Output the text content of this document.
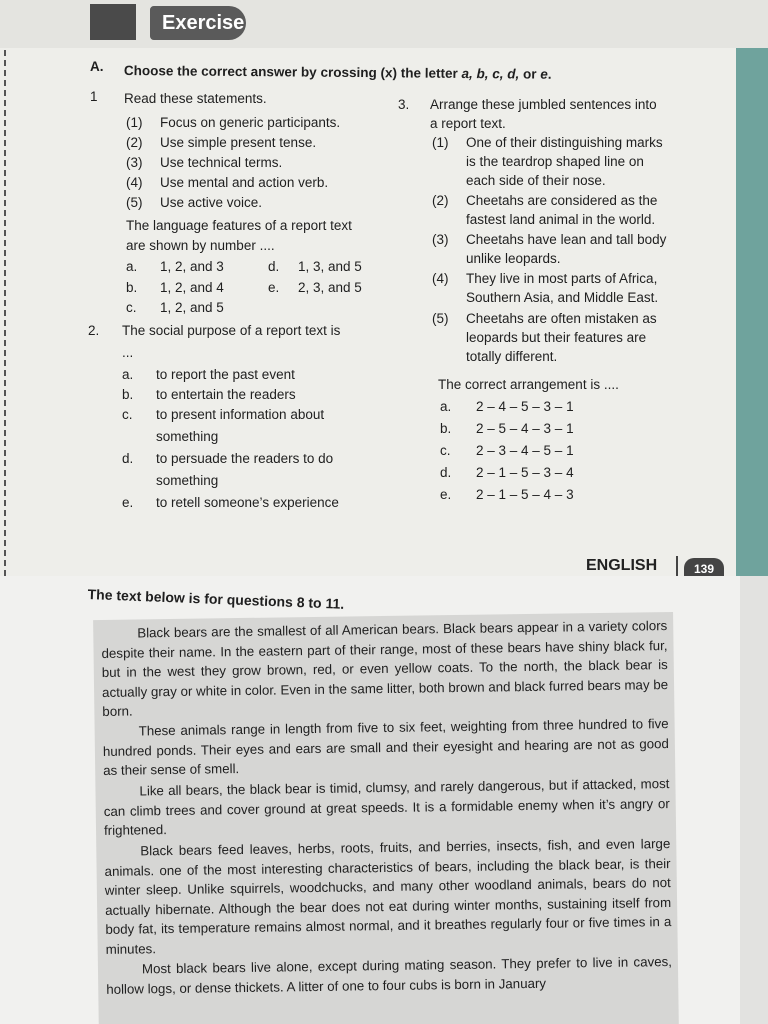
Exercise
A. Choose the correct answer by crossing (x) the letter a, b, c, d, or e.
1 Read these statements.
(1) Focus on generic participants.
(2) Use simple present tense.
(3) Use technical terms.
(4) Use mental and action verb.
(5) Use active voice.
The language features of a report text
are shown by number ....
a. 1, 2, and 3
b. 1, 2, and 4
c. 1, 2, and 5
d. 1, 3, and 5
e. 2, 3, and 5
2. The social purpose of a report text is
...
a. to report the past event
b. to entertain the readers
c. to present information about
something
d. to persuade the readers to do
something
e. to retell someone’s experience
3. Arrange these jumbled sentences into
a report text.
(1) One of their distinguishing marks
is the teardrop shaped line on
each side of their nose.
(2) Cheetahs are considered as the
fastest land animal in the world.
(3) Cheetahs have lean and tall body
unlike leopards.
(4) They live in most parts of Africa,
Southern Asia, and Middle East.
(5) Cheetahs are often mistaken as
leopards but their features are
totally different.
The correct arrangement is ....
a. 2 – 4 – 5 – 3 – 1
b. 2 – 5 – 4 – 3 – 1
c. 2 – 3 – 4 – 5 – 1
d. 2 – 1 – 5 – 3 – 4
e. 2 – 1 – 5 – 4 – 3
ENGLISH	139
The text below is for questions 8 to 11.
Black bears are the smallest of all American bears. Black bears appear in a variety colors despite their name. In the eastern part of their range, most of these bears have shiny black fur, but in the west they grow brown, red, or even yellow coats. To the north, the black bear is actually gray or white in color. Even in the same litter, both brown and black furred bears may be born.
These animals range in length from five to six feet, weighting from three hundred to five hundred ponds. Their eyes and ears are small and their eyesight and hearing are not as good as their sense of smell.
Like all bears, the black bear is timid, clumsy, and rarely dangerous, but if attacked, most can climb trees and cover ground at great speeds. It is a formidable enemy when it’s angry or frightened.
Black bears feed leaves, herbs, roots, fruits, and berries, insects, fish, and even large animals. one of the most interesting characteristics of bears, including the black bear, is their winter sleep. Unlike squirrels, woodchucks, and many other woodland animals, bears do not actually hibernate. Although the bear does not eat during winter months, sustaining itself from body fat, its temperature remains almost normal, and it breathes regularly four or five times in a minutes.
Most black bears live alone, except during mating season. They prefer to live in caves, hollow logs, or dense thickets. A litter of one to four cubs is born in January
